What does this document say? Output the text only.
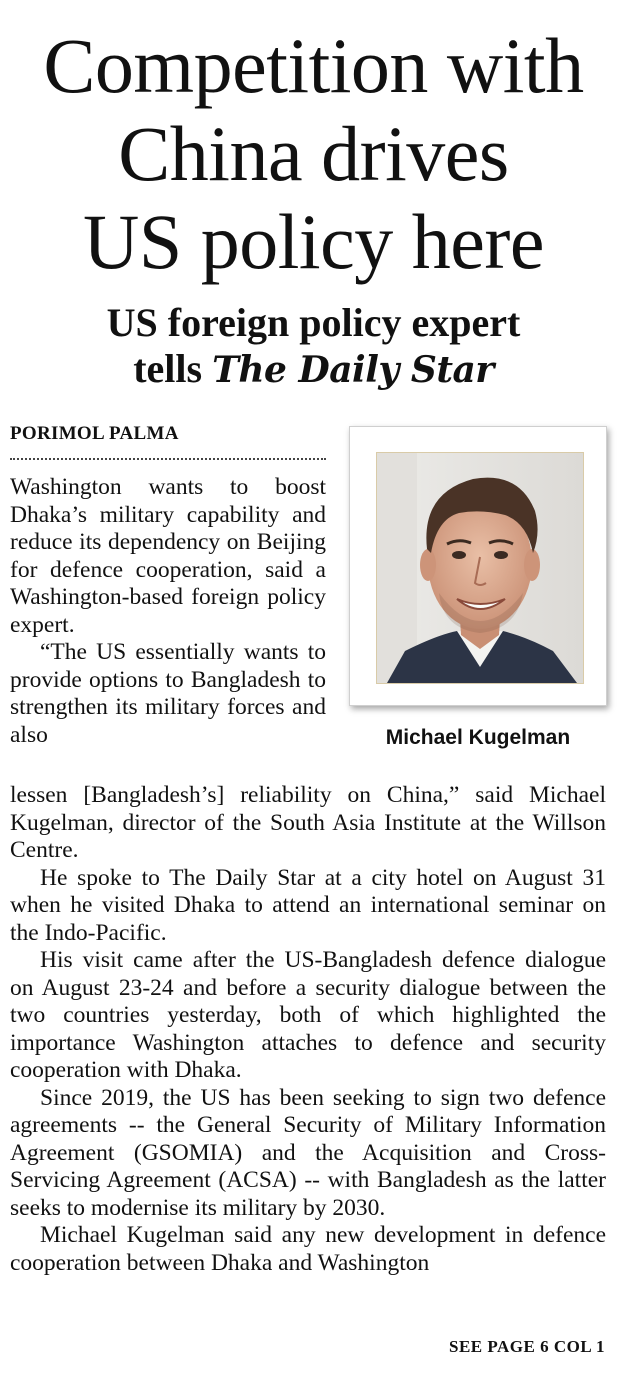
Competition with
China drives
US policy here
US foreign policy expert
tells The Daily Star
PORIMOL PALMA
Michael Kugelman

Washington wants to boost Dhaka’s military capability and reduce its dependency on Beijing for defence cooperation, said a Washington-based foreign policy expert.

“The US essentially wants to provide options to Bangladesh to strengthen its military forces and also

lessen [Bangladesh’s] reliability on China,” said Michael Kugelman, director of the South Asia Institute at the Willson Centre.

He spoke to The Daily Star at a city hotel on August 31 when he visited Dhaka to attend an international seminar on the Indo-Pacific.

His visit came after the US-Bangladesh defence dialogue on August 23-24 and before a security dialogue between the two countries yesterday, both of which highlighted the importance Washington attaches to defence and security cooperation with Dhaka.

Since 2019, the US has been seeking to sign two defence agreements -- the General Security of Military Information Agreement (GSOMIA) and the Acquisition and Cross-Servicing Agreement (ACSA) -- with Bangladesh as the latter seeks to modernise its military by 2030.

Michael Kugelman said any new development in defence cooperation between Dhaka and Washington

SEE PAGE 6 COL 1
